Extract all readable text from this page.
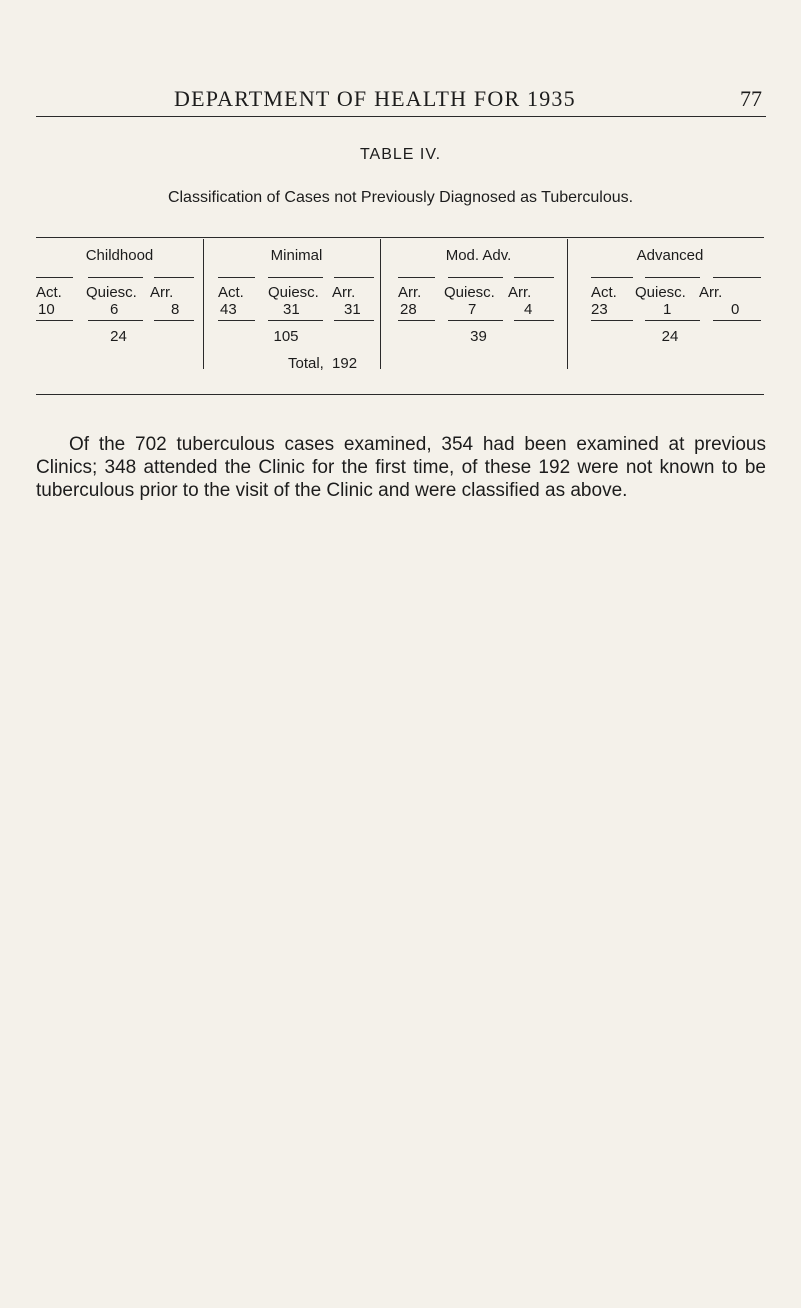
DEPARTMENT OF HEALTH FOR 1935	77
TABLE IV.
Classification of Cases not Previously Diagnosed as Tuberculous.
Childhood
Act. Quiesc. Arr.
10	6	8
24
Minimal
Act. Quiesc. Arr.
43	31	31
105
Mod. Adv.
Arr. Quiesc. Arr.
28	7	4
39
Advanced
Act. Quiesc. Arr.
23	1	0
24
Total, 192

Of the 702 tuberculous cases examined, 354 had been examined at previous Clinics; 348 attended the Clinic for the first time, of these 192 were not known to be tuberculous prior to the visit of the Clinic and were classified as above.
